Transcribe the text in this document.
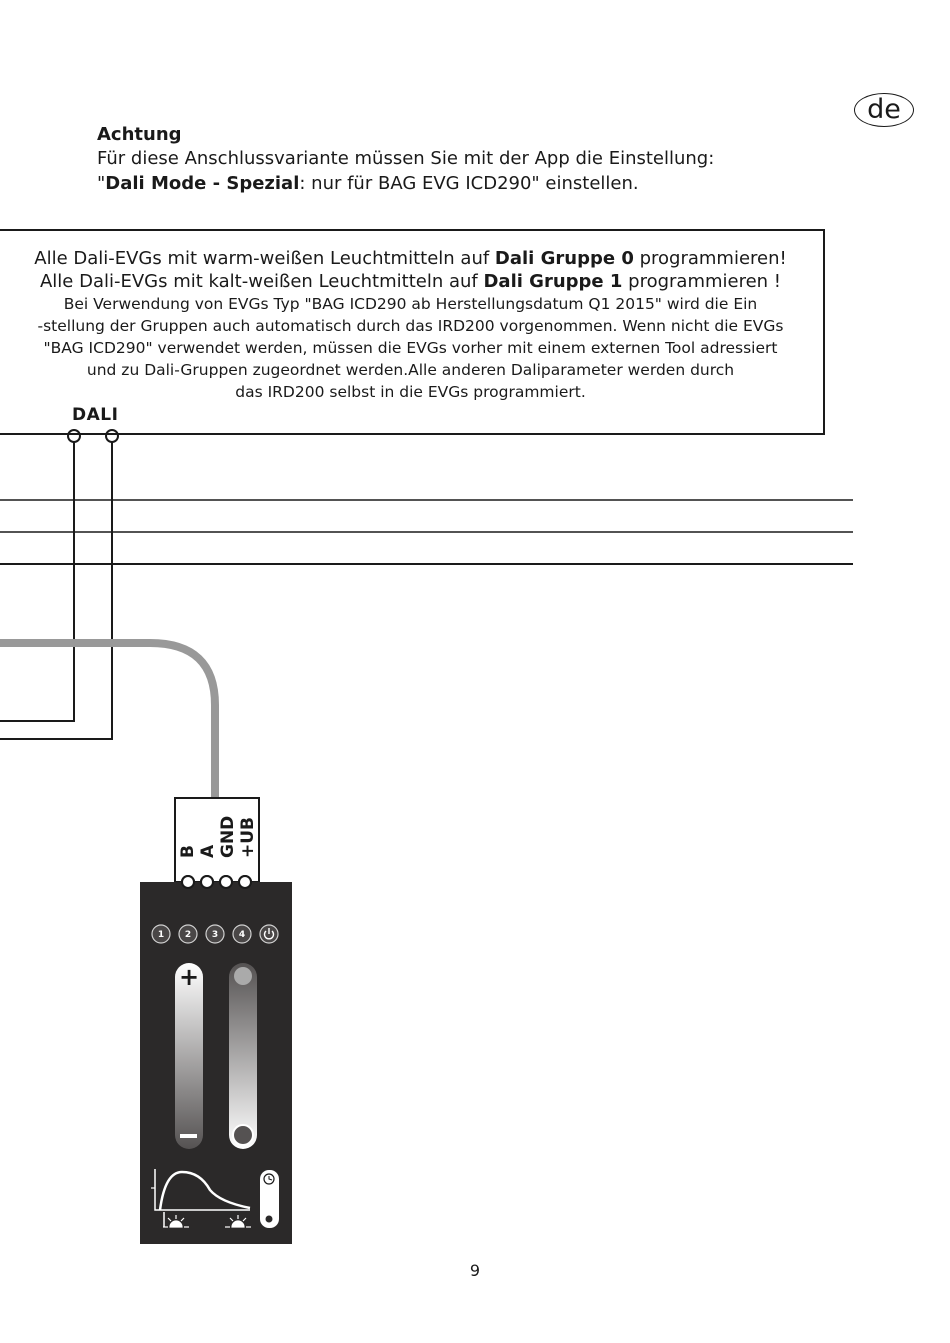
B A GND +UB
1 2 3 4
+
de
Achtung
Für diese Anschlussvariante müssen Sie mit der App die Einstellung:
"Dali Mode - Spezial: nur für BAG EVG ICD290" einstellen.
Alle Dali-EVGs mit warm-weißen Leuchtmitteln auf Dali Gruppe 0 programmieren!
Alle Dali-EVGs mit kalt-weißen Leuchtmitteln auf Dali Gruppe 1 programmieren !
Bei Verwendung von EVGs Typ "BAG ICD290 ab Herstellungsdatum Q1 2015" wird die Ein
-stellung der Gruppen auch automatisch durch das IRD200 vorgenommen. Wenn nicht die EVGs
"BAG ICD290" verwendet werden, müssen die EVGs vorher mit einem externen Tool adressiert
und zu Dali-Gruppen zugeordnet werden.Alle anderen Daliparameter werden durch
das IRD200 selbst in die EVGs programmiert.
DALI
9
